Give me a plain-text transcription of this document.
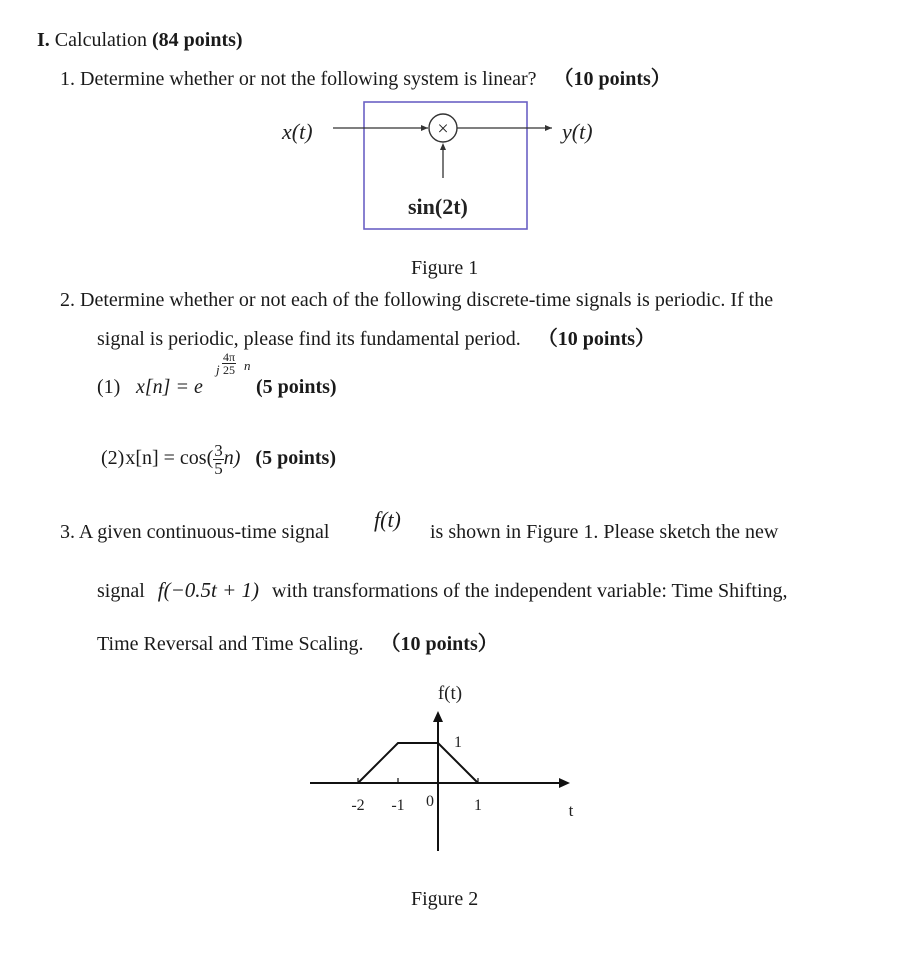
I. Calculation (84 points)
1. Determine whether or not the following system is linear? （10 points）
×
x(t)	y(t)
sin(2t)
Figure 1
2. Determine whether or not each of the following discrete-time signals is periodic. If the
signal is periodic, please find its fundamental period. （10 points）
(1) x[n] = e
j $\frac{4\pi}{25}$ n
(5 points)
(2) $x[n] = \cos( \frac{3}{5} n)$ (5 points)
3. A given continuous-time signal f(t) is shown in Figure 1. Please sketch the new
signal f(−0.5t + 1) with transformations of the independent variable: Time Shifting,
Time Reversal and Time Scaling. （10 points）
-2 -1 0	1
1
f(t)
t
Figure 2
